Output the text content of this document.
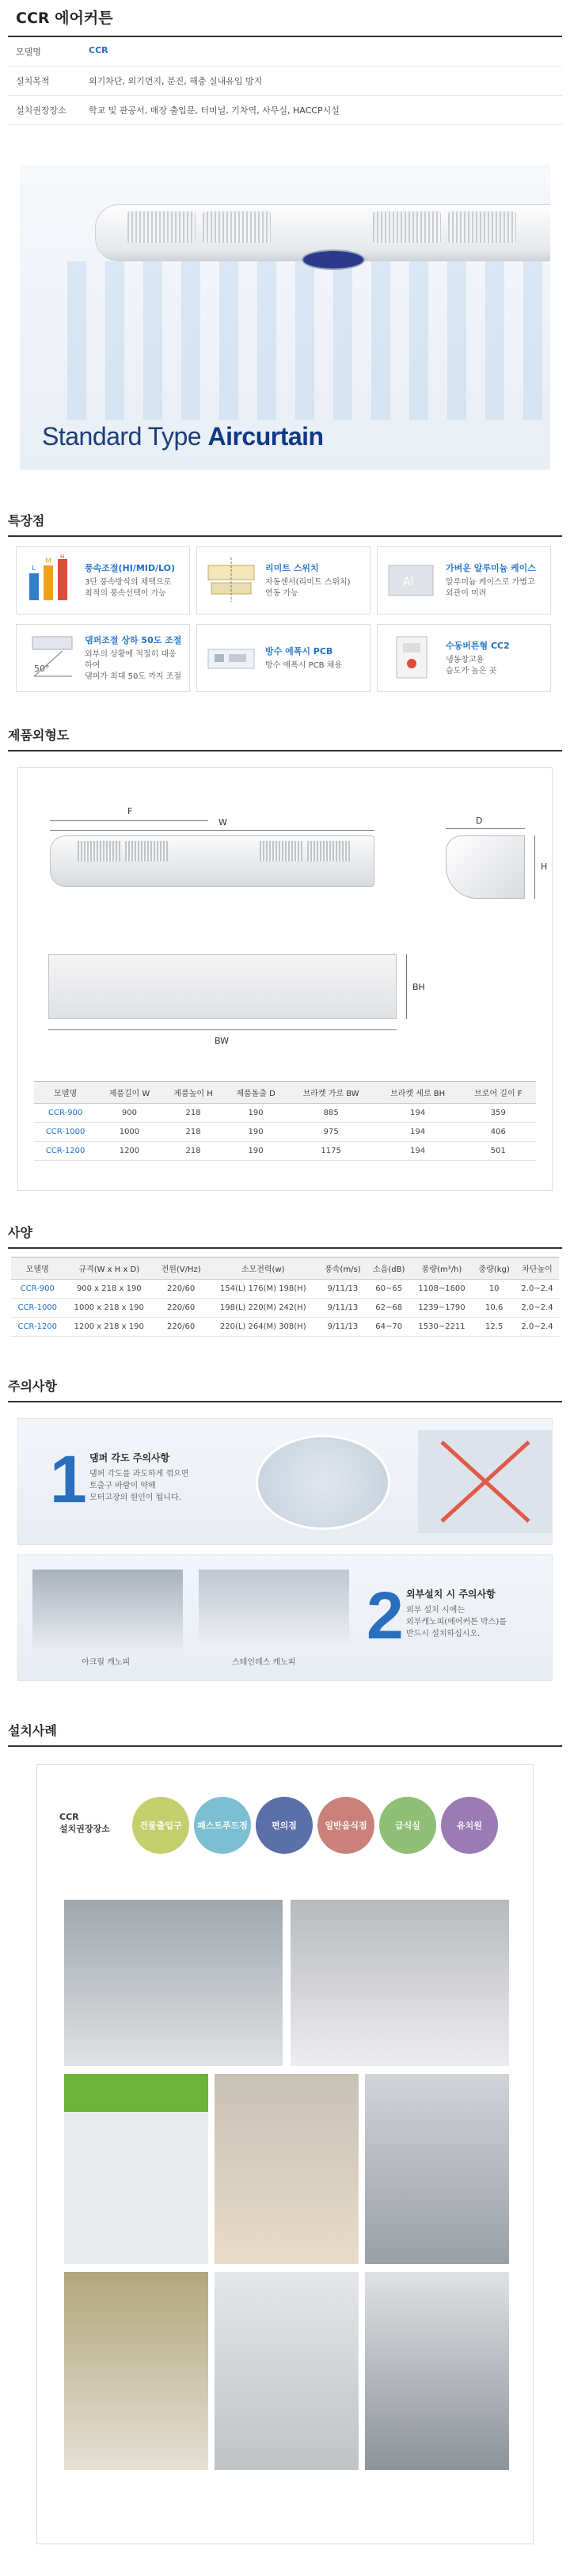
CCR 에어커튼
모델명	CCR
설치목적	외기차단, 외기먼지, 분진, 해충 실내유입 방지
설치권장장소	학교 및 관공서, 매장 출입문, 터미널, 기차역, 사무실, HACCP시설
Standard Type Aircurtain
특장점
L
M
H
풍속조절(HI/MID/LO)
3단 풍속방식의 채택으로
최적의 풍속선택이 가능
리미트 스위치
자동센서(리미트 스위치)
연동 가능
Al
가벼운 알루미늄 케이스
알루미늄 케이스로 가볍고
외관이 미려
50°
댐퍼조절 상하 50도 조절
외부의 상황에 적절히 대응하여
댐퍼가 최대 50도 까지 조절
방수 에폭시 PCB
방수 에폭시 PCB 채용
수동버튼형 CC2
냉동창고용
습도가 높은 곳
제품외형도
F
W	D
H
BH
BW
모델명	제품길이 W	제품높이 H	제품돌출 D	브라켓 가로 BW	브라켓 세로 BH	브로어 길이 F
CCR-900	900	218	190	885	194	359
CCR-1000	1000	218	190	975	194	406
CCR-1200	1200	218	190	1175	194	501
사양
모델명	규격(W x H x D)	전원(V/Hz)	소모전력(w)	풍속(m/s)	소음(dB)	풍량(m³/h)	중량(kg)	차단높이
CCR-900	900 x 218 x 190	220/60	154(L) 176(M) 198(H)	9/11/13	60~65	1108~1600	10	2.0~2.4
CCR-1000	1000 x 218 x 190	220/60	198(L) 220(M) 242(H)	9/11/13	62~68	1239~1790	10.6	2.0~2.4
CCR-1200	1200 x 218 x 190	220/60	220(L) 264(M) 308(H)	9/11/13	64~70	1530~2211	12.5	2.0~2.4
주의사항
1 댐퍼 각도 주의사항
댐퍼 각도를 과도하게 꺾으면
토출구 바람이 약해
모터고장의 원인이 됩니다.
아크릴 캐노피	스테인레스 캐노피
2 외부설치 시 주의사항
외부 설치 시에는
외부캐노피(에어커튼 박스)를
반드시 설치하십시오.
설치사례
CCR
설치권장장소	건물 출입구 패스트 푸드점	편의점	일반 음식점	급식실	유치원
